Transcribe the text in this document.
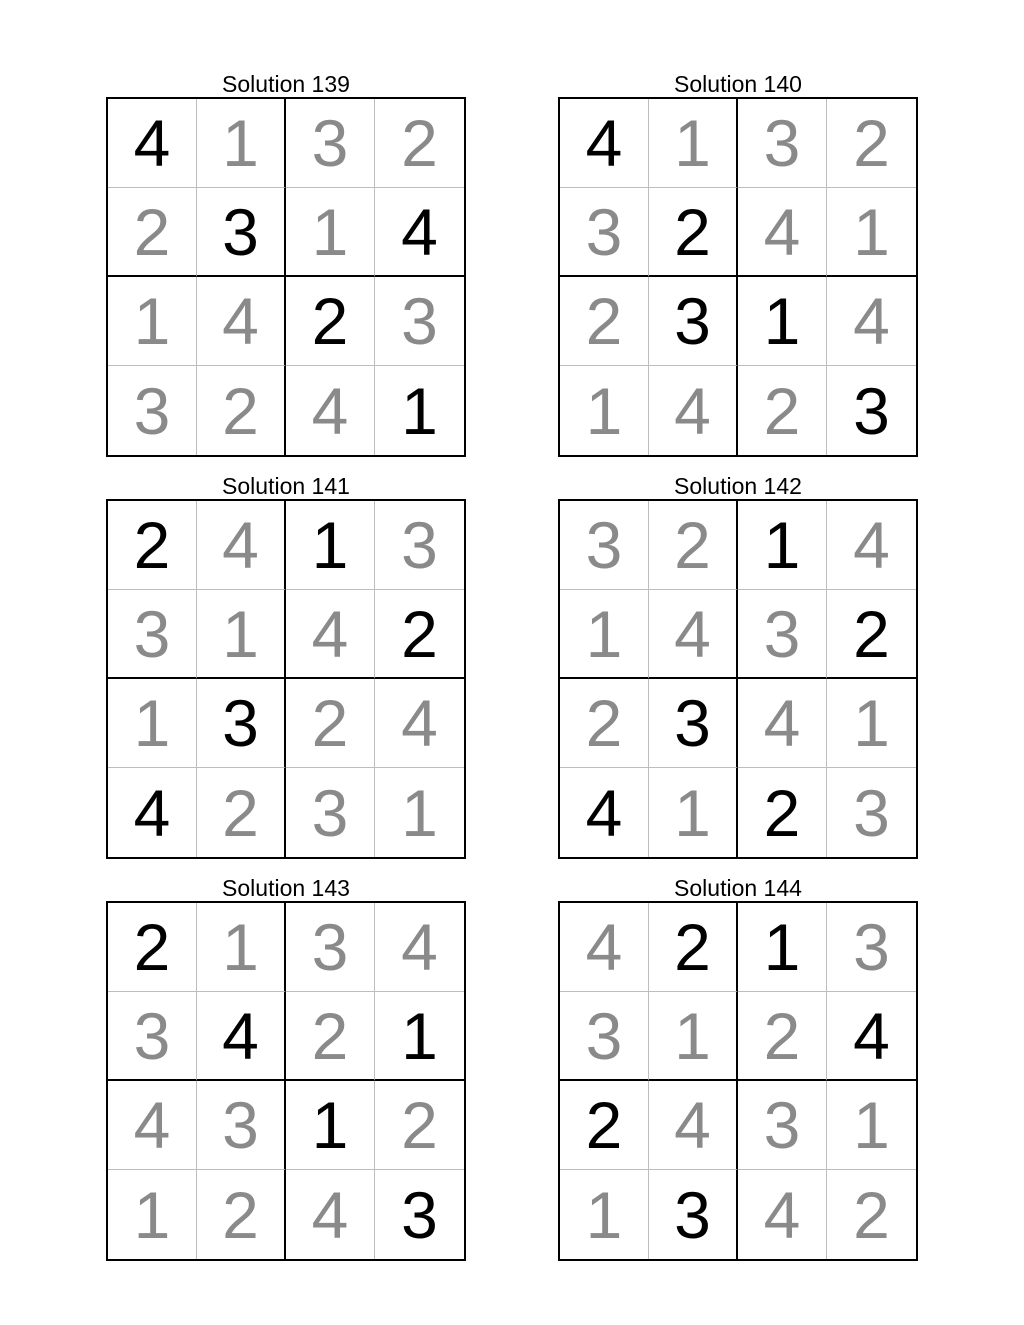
Solution 139
4 1 3 2
2 3 1 4
1 4 2 3
3 2 4 1
Solution 140
4 1 3 2
3 2 4 1
2 3 1 4
1 4 2 3
Solution 141
2 4 1 3
3 1 4 2
1 3 2 4
4 2 3 1
Solution 142
3 2 1 4
1 4 3 2
2 3 4 1
4 1 2 3
Solution 143
2 1 3 4
3 4 2 1
4 3 1 2
1 2 4 3
Solution 144
4 2 1 3
3 1 2 4
2 4 3 1
1 3 4 2
